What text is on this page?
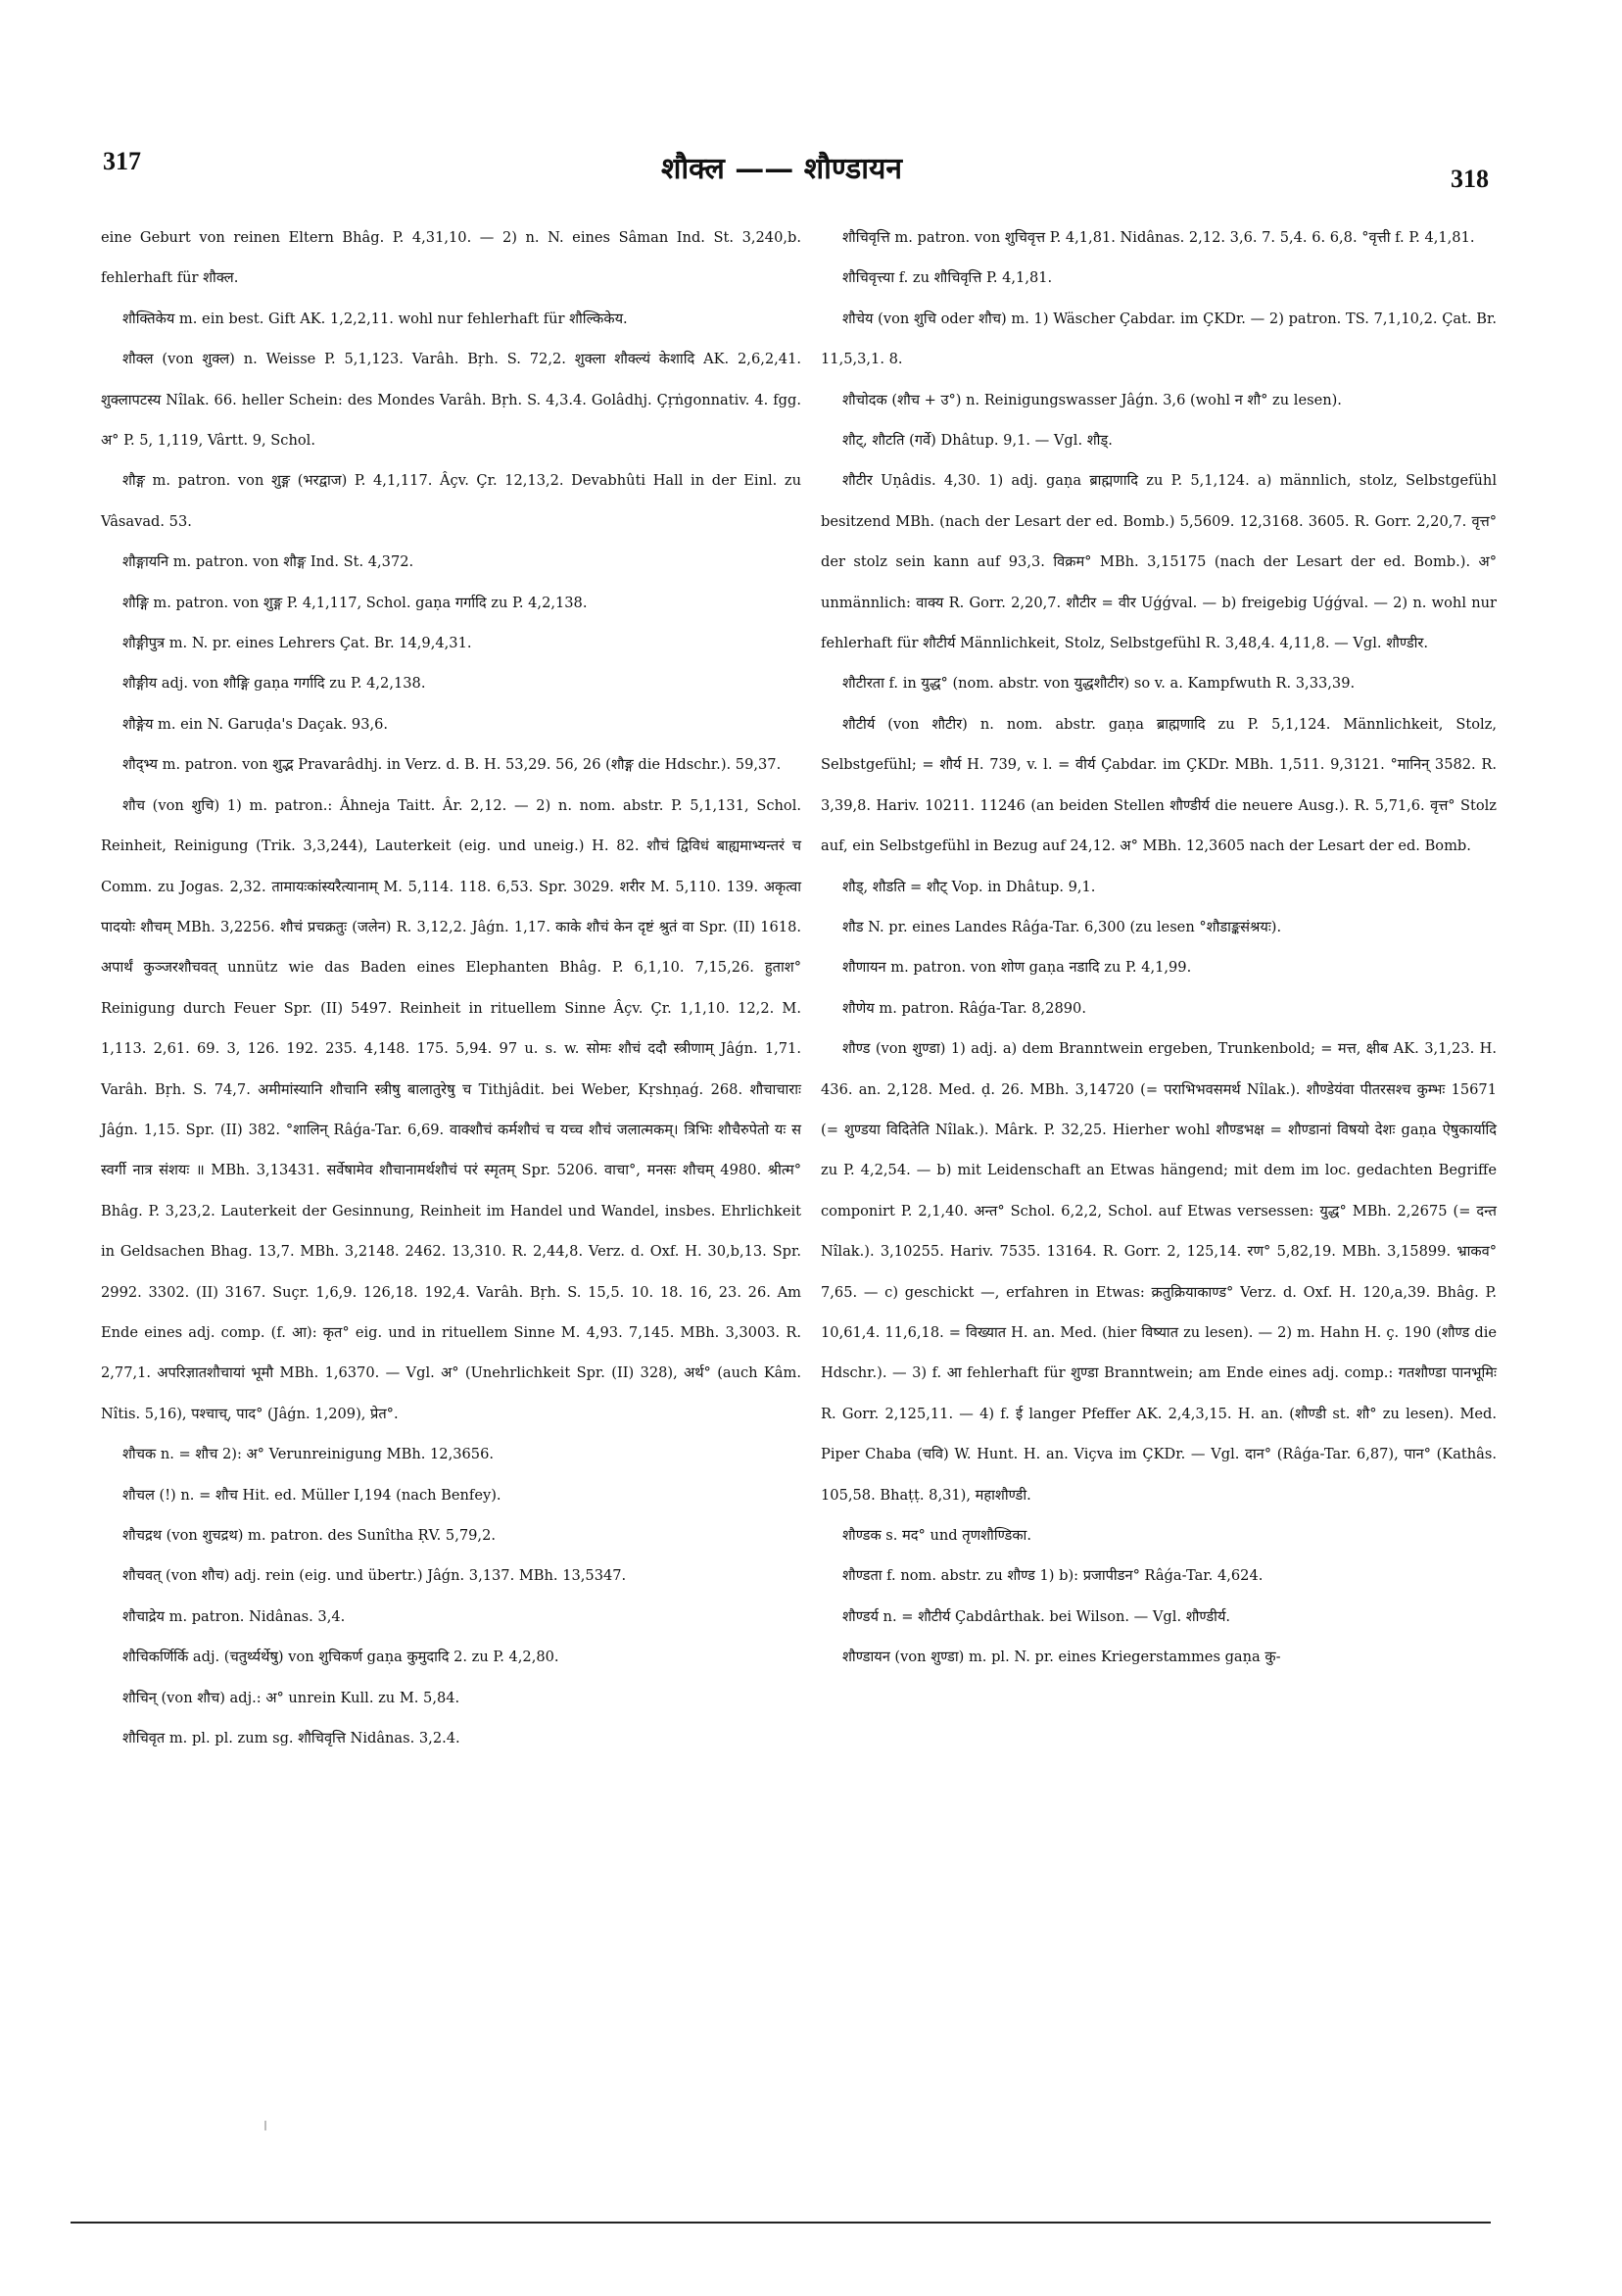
317	शौक्ल —— शौण्डायन	318

eine Geburt von reinen Eltern Bhâg. P. 4,31,10. — 2) n. N. eines Sâman Ind. St. 3,240,b. fehlerhaft für शौक्ल.

शौक्तिकेय m. ein best. Gift AK. 1,2,2,11. wohl nur fehlerhaft für शौल्किकेय.

शौक्ल (von शुक्ल) n. Weisse P. 5,1,123. Varâh. Bṛh. S. 72,2. शुक्ला शौक्ल्यं केशादि AK. 2,6,2,41. शुक्लापटस्य Nîlak. 66. heller Schein: des Mondes Varâh. Bṛh. S. 4,3.4. Golâdhj. Çṛṅgonnativ. 4. fgg. अ° P. 5, 1,119, Vârtt. 9, Schol.

शौङ्ग m. patron. von शुङ्ग (भरद्वाज) P. 4,1,117. Âçv. Çr. 12,13,2. Devabhûti Hall in der Einl. zu Vâsavad. 53.

शौङ्गायनि m. patron. von शौङ्ग Ind. St. 4,372.

शौङ्गि m. patron. von शुङ्ग P. 4,1,117, Schol. gaṇa गर्गादि zu P. 4,2,138.

शौङ्गीपुत्र m. N. pr. eines Lehrers Çat. Br. 14,9,4,31.

शौङ्गीय adj. von शौङ्गि gaṇa गर्गादि zu P. 4,2,138.

शौङ्गेय m. ein N. Garuḍa's Daçak. 93,6.

शौद्भ्य m. patron. von शुद्भ Pravarâdhj. in Verz. d. B. H. 53,29. 56, 26 (शौङ्ग die Hdschr.). 59,37.

शौच (von शुचि) 1) m. patron.: Âhneja Taitt. Âr. 2,12. — 2) n. nom. abstr. P. 5,1,131, Schol. Reinheit, Reinigung (Trik. 3,3,244), Lauterkeit (eig. und uneig.) H. 82. शौचं द्विविधं बाह्यमाभ्यन्तरं च Comm. zu Jogas. 2,32. तामायःकांस्यरैत्यानाम् M. 5,114. 118. 6,53. Spr. 3029. शरीर M. 5,110. 139. अकृत्वा पादयोः शौचम् MBh. 3,2256. शौचं प्रचक्रतुः (जलेन) R. 3,12,2. Jâǵn. 1,17. काके शौचं केन दृष्टं श्रुतं वा Spr. (II) 1618. अपार्थं कुञ्जरशौचवत् unnütz wie das Baden eines Elephanten Bhâg. P. 6,1,10. 7,15,26. हुताश° Reinigung durch Feuer Spr. (II) 5497. Reinheit in rituellem Sinne Âçv. Çr. 1,1,10. 12,2. M. 1,113. 2,61. 69. 3, 126. 192. 235. 4,148. 175. 5,94. 97 u. s. w. सोमः शौचं ददौ स्त्रीणाम् Jâǵn. 1,71. Varâh. Bṛh. S. 74,7. अमीमांस्यानि शौचानि स्त्रीषु बालातुरेषु च Tithjâdit. bei Weber, Kṛshṇaǵ. 268. शौचाचाराः Jâǵn. 1,15. Spr. (II) 382. °शालिन् Râǵa-Tar. 6,69. वाक्शौचं कर्मशौचं च यच्च शौचं जलात्मकम्। त्रिभिः शौचैरुपेतो यः स स्वर्गी नात्र संशयः ॥ MBh. 3,13431. सर्वेषामेव शौचानामर्थशौचं परं स्मृतम् Spr. 5206. वाचा°, मनसः शौचम् 4980. श्रीत्म° Bhâg. P. 3,23,2. Lauterkeit der Gesinnung, Reinheit im Handel und Wandel, insbes. Ehrlichkeit in Geldsachen Bhag. 13,7. MBh. 3,2148. 2462. 13,310. R. 2,44,8. Verz. d. Oxf. H. 30,b,13. Spr. 2992. 3302. (II) 3167. Suçr. 1,6,9. 126,18. 192,4. Varâh. Bṛh. S. 15,5. 10. 18. 16, 23. 26. Am Ende eines adj. comp. (f. आ): कृत° eig. und in rituellem Sinne M. 4,93. 7,145. MBh. 3,3003. R. 2,77,1. अपरिज्ञातशौचायां भूमौ MBh. 1,6370. — Vgl. अ° (Unehrlichkeit Spr. (II) 328), अर्थ° (auch Kâm. Nîtis. 5,16), पश्चाच्, पाद° (Jâǵn. 1,209), प्रेत°.

शौचक n. = शौच 2): अ° Verunreinigung MBh. 12,3656.

शौचल (!) n. = शौच Hit. ed. Müller I,194 (nach Benfey).

शौचद्रथ (von शुचद्रथ) m. patron. des Sunîtha ṚV. 5,79,2.

शौचवत् (von शौच) adj. rein (eig. und übertr.) Jâǵn. 3,137. MBh. 13,5347.

शौचाद्रेय m. patron. Nidânas. 3,4.

शौचिकर्णिर्कि adj. (चतुर्थ्यर्थेषु) von शुचिकर्ण gaṇa कुमुदादि 2. zu P. 4,2,80.

शौचिन् (von शौच) adj.: अ° unrein Kull. zu M. 5,84.

शौचिवृत m. pl. pl. zum sg. शौचिवृत्ति Nidânas. 3,2.4.

शौचिवृत्ति m. patron. von शुचिवृत्त P. 4,1,81. Nidânas. 2,12. 3,6. 7. 5,4. 6. 6,8. °वृत्ती f. P. 4,1,81.

शौचिवृत्त्या f. zu शौचिवृत्ति P. 4,1,81.

शौचेय (von शुचि oder शौच) m. 1) Wäscher Çabdar. im ÇKDr. — 2) patron. TS. 7,1,10,2. Çat. Br. 11,5,3,1. 8.

शौचोदक (शौच + उ°) n. Reinigungswasser Jâǵn. 3,6 (wohl न शौ° zu lesen).

शौट्, शौटति (गर्वे) Dhâtup. 9,1. — Vgl. शौड्.

शौटीर Uṇâdis. 4,30. 1) adj. gaṇa ब्राह्मणादि zu P. 5,1,124. a) männlich, stolz, Selbstgefühl besitzend MBh. (nach der Lesart der ed. Bomb.) 5,5609. 12,3168. 3605. R. Gorr. 2,20,7. वृत्त° der stolz sein kann auf 93,3. विक्रम° MBh. 3,15175 (nach der Lesart der ed. Bomb.). अ° unmännlich: वाक्य R. Gorr. 2,20,7. शौटीर = वीर Uǵǵval. — b) freigebig Uǵǵval. — 2) n. wohl nur fehlerhaft für शौटीर्य Männlichkeit, Stolz, Selbstgefühl R. 3,48,4. 4,11,8. — Vgl. शौण्डीर.

शौटीरता f. in युद्ध° (nom. abstr. von युद्धशौटीर) so v. a. Kampfwuth R. 3,33,39.

शौटीर्य (von शौटीर) n. nom. abstr. gaṇa ब्राह्मणादि zu P. 5,1,124. Männlichkeit, Stolz, Selbstgefühl; = शौर्य H. 739, v. l. = वीर्य Çabdar. im ÇKDr. MBh. 1,511. 9,3121. °मानिन् 3582. R. 3,39,8. Hariv. 10211. 11246 (an beiden Stellen शौण्डीर्य die neuere Ausg.). R. 5,71,6. वृत्त° Stolz auf, ein Selbstgefühl in Bezug auf 24,12. अ° MBh. 12,3605 nach der Lesart der ed. Bomb.

शौड्, शौडति = शौट् Vop. in Dhâtup. 9,1.

शौड N. pr. eines Landes Râǵa-Tar. 6,300 (zu lesen °शौडाङ्कसंश्रयः).

शौणायन m. patron. von शोण gaṇa नडादि zu P. 4,1,99.

शौणेय m. patron. Râǵa-Tar. 8,2890.

शौण्ड (von शुण्डा) 1) adj. a) dem Branntwein ergeben, Trunkenbold; = मत्त, क्षीब AK. 3,1,23. H. 436. an. 2,128. Med. ḍ. 26. MBh. 3,14720 (= पराभिभवसमर्थ Nîlak.). शौण्डेयंवा पीतरसश्च कुम्भः 15671 (= शुण्डया विदितेति Nîlak.). Mârk. P. 32,25. Hierher wohl शौण्डभक्ष = शौण्डानां विषयो देशः gaṇa ऐषुकार्यादि zu P. 4,2,54. — b) mit Leidenschaft an Etwas hängend; mit dem im loc. gedachten Begriffe componirt P. 2,1,40. अन्त° Schol. 6,2,2, Schol. auf Etwas versessen: युद्ध° MBh. 2,2675 (= दन्त Nîlak.). 3,10255. Hariv. 7535. 13164. R. Gorr. 2, 125,14. रण° 5,82,19. MBh. 3,15899. भ्राकव° 7,65. — c) geschickt —, erfahren in Etwas: क्रतुक्रियाकाण्ड° Verz. d. Oxf. H. 120,a,39. Bhâg. P. 10,61,4. 11,6,18. = विख्यात H. an. Med. (hier विष्यात zu lesen). — 2) m. Hahn H. ç. 190 (शौण्ड die Hdschr.). — 3) f. आ fehlerhaft für शुण्डा Branntwein; am Ende eines adj. comp.: गतशौण्डा पानभूमिः R. Gorr. 2,125,11. — 4) f. ई langer Pfeffer AK. 2,4,3,15. H. an. (शौण्डी st. शौ° zu lesen). Med. Piper Chaba (चवि) W. Hunt. H. an. Viçva im ÇKDr. — Vgl. दान° (Râǵa-Tar. 6,87), पान° (Kathâs. 105,58. Bhaṭṭ. 8,31), महाशौण्डी.

शौण्डक s. मद° und तृणशौण्डिका.

शौण्डता f. nom. abstr. zu शौण्ड 1) b): प्रजापीडन° Râǵa-Tar. 4,624.

शौण्डर्य n. = शौटीर्य Çabdârthak. bei Wilson. — Vgl. शौण्डीर्य.

शौण्डायन (von शुण्डा) m. pl. N. pr. eines Kriegerstammes gaṇa कु-
